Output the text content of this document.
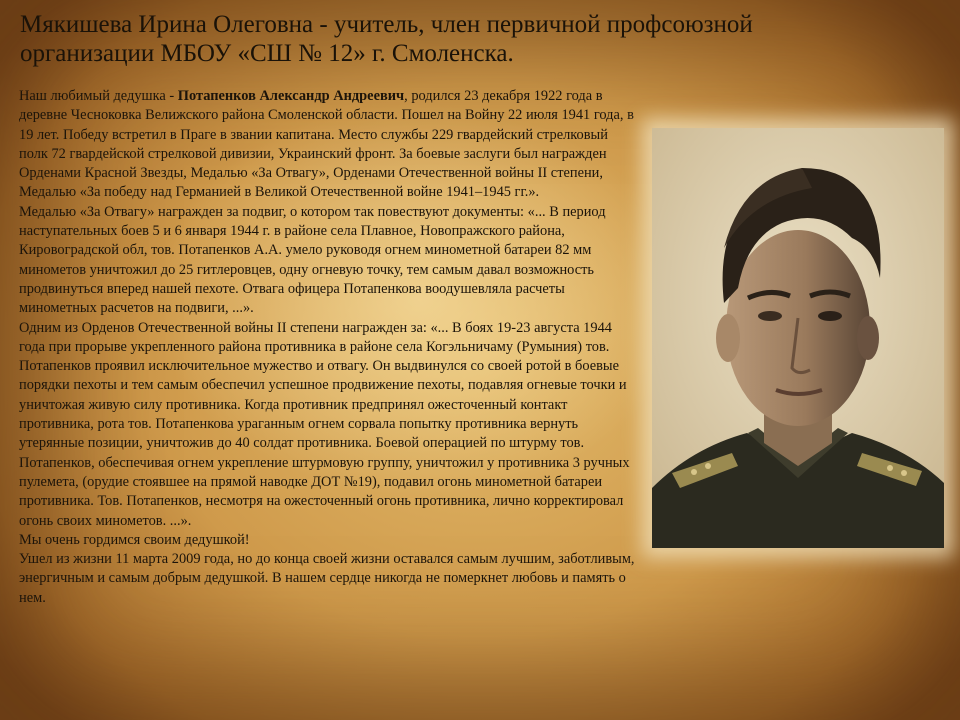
Мякишева Ирина Олеговна - учитель, член первичной профсоюзной
организации МБОУ «СШ № 12» г. Смоленска.

Наш любимый дедушка - Потапенков Александр Андреевич, родился 23 декабря 1922 года в деревне Чесноковка Велижского района Смоленской области. Пошел на Войну 22 июля 1941 года, в 19 лет. Победу встретил в Праге в звании капитана. Место службы 229 гвардейский стрелковый полк 72 гвардейской стрелковой дивизии, Украинский фронт. За боевые заслуги был награжден Орденами Красной Звезды, Медалью «За Отвагу», Орденами Отечественной войны II степени, Медалью «За победу над Германией в Великой Отечественной войне 1941–1945 гг.».

Медалью «За Отвагу» награжден за подвиг, о котором так повествуют документы: «... В период наступательных боев 5 и 6 января 1944 г. в районе села Плавное, Новопражского района, Кировоградской обл, тов. Потапенков А.А. умело руководя огнем минометной батареи 82 мм минометов уничтожил до 25 гитлеровцев, одну огневую точку, тем самым давал возможность продвинуться вперед нашей пехоте. Отвага офицера Потапенкова воодушевляла расчеты минометных расчетов на подвиги, ...».

Одним из Орденов Отечественной войны II степени награжден за: «... В боях 19-23 августа 1944 года при прорыве укрепленного района противника в районе села Когэльничаму (Румыния) тов. Потапенков проявил исключительное мужество и отвагу. Он выдвинулся со своей ротой в боевые порядки пехоты и тем самым обеспечил успешное продвижение пехоты, подавляя огневые точки и уничтожая живую силу противника. Когда противник предпринял ожесточенный контакт противника, рота тов. Потапенкова ураганным огнем сорвала попытку противника вернуть утерянные позиции, уничтожив до 40 солдат противника. Боевой операцией по штурму тов. Потапенков, обеспечивая огнем укрепление штурмовую группу, уничтожил у противника 3 ручных пулемета, (орудие стоявшее на прямой наводке ДОТ №19), подавил огонь минометной батареи противника. Тов. Потапенков, несмотря на ожесточенный огонь противника, лично корректировал огонь своих минометов. ...».

Мы очень гордимся своим дедушкой!

Ушел из жизни 11 марта 2009 года, но до конца своей жизни оставался самым лучшим, заботливым, энергичным и самым добрым дедушкой. В нашем сердце никогда не померкнет любовь и память о нем.
